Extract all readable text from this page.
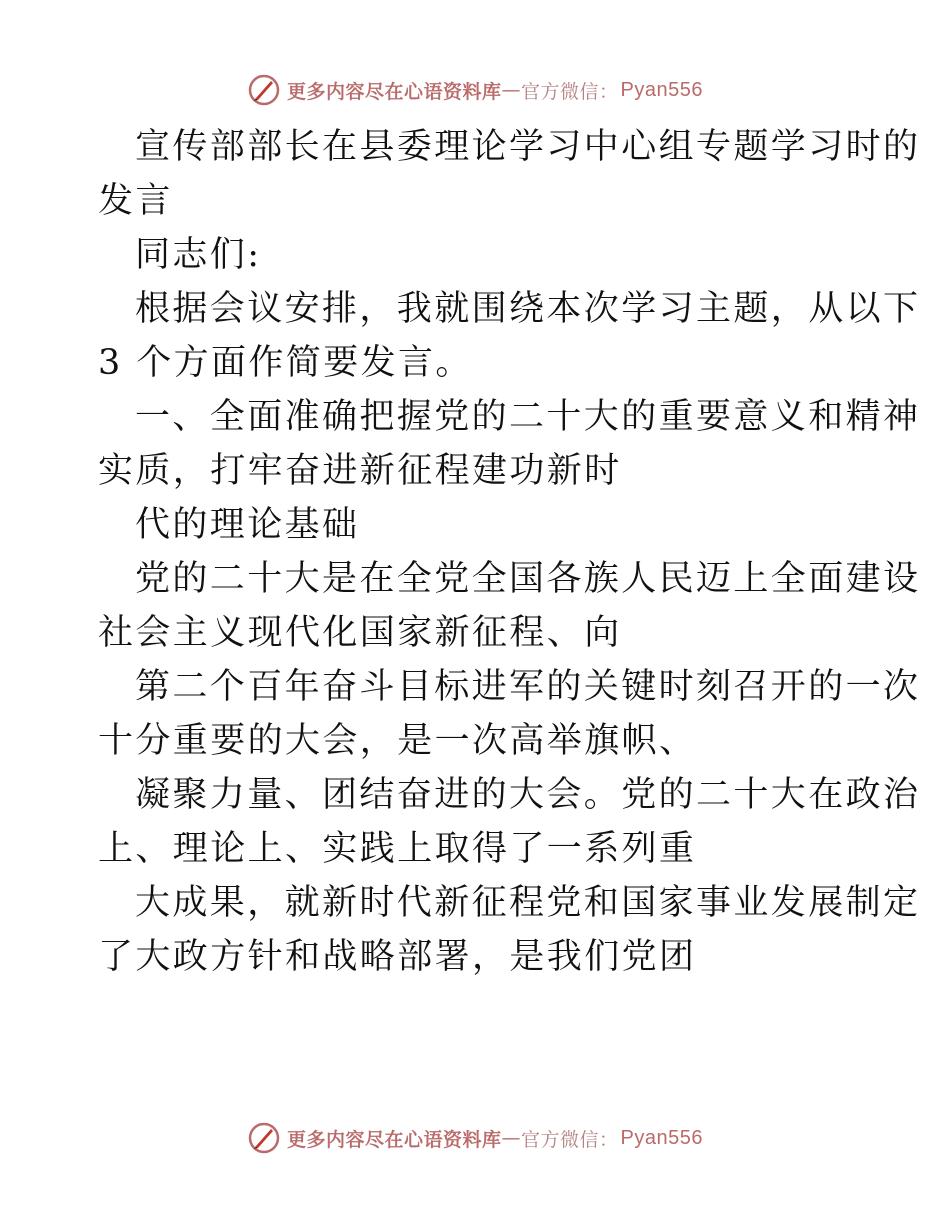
更多内容尽在心语资料库 — 官方微信： Pyan556

宣传部部长在县委理论学习中心组专题学习时的
发言

同志们:

根据会议安排，我就围绕本次学习主题，从以下
3 个方面作简要发言。

一、全面准确把握党的二十大的重要意义和精神
实质，打牢奋进新征程建功新时

代的理论基础

党的二十大是在全党全国各族人民迈上全面建设
社会主义现代化国家新征程、向

第二个百年奋斗目标进军的关键时刻召开的一次
十分重要的大会，是一次高举旗帜、

凝聚力量、团结奋进的大会。党的二十大在政治
上、理论上、实践上取得了一系列重

大成果，就新时代新征程党和国家事业发展制定
了大政方针和战略部署，是我们党团

更多内容尽在心语资料库 — 官方微信： Pyan556
